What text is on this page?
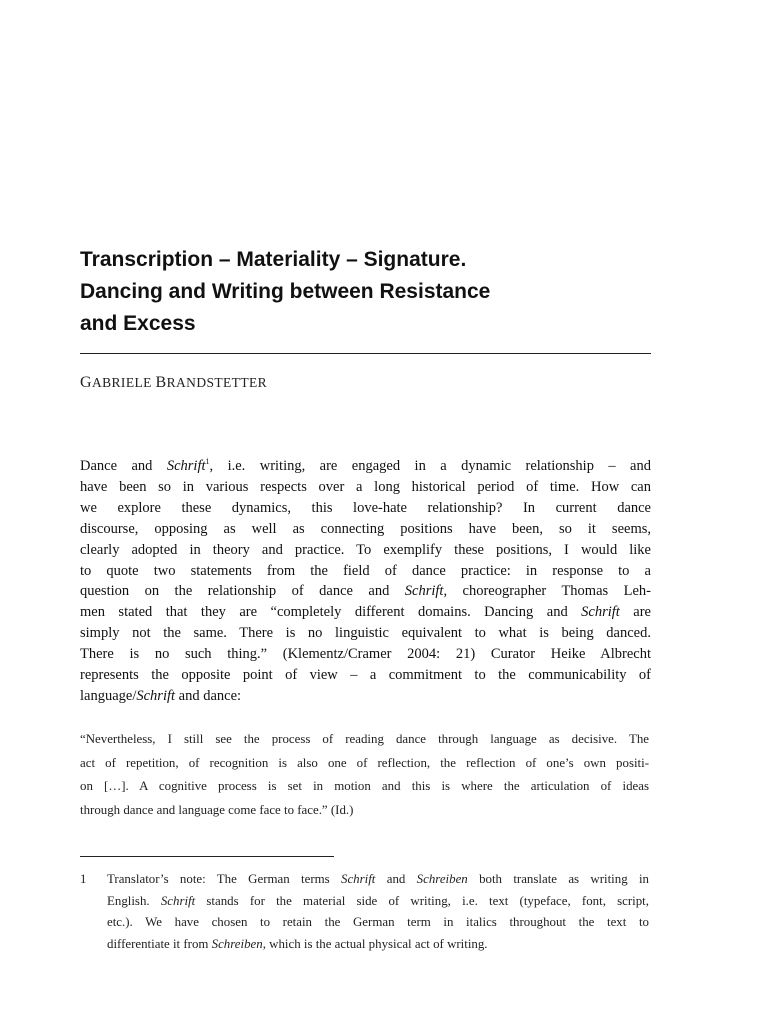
Transcription – Materiality – Signature.
Dancing and Writing between Resistance
and Excess
GABRIELE BRANDSTETTER
Dance and Schrift$^1$, i.e. writing, are engaged in a dynamic relationship – and
have been so in various respects over a long historical period of time. How can
we explore these dynamics, this love-hate relationship? In current dance
discourse, opposing as well as connecting positions have been, so it seems,
clearly adopted in theory and practice. To exemplify these positions, I would like
to quote two statements from the field of dance practice: in response to a
question on the relationship of dance and Schrift, choreographer Thomas Leh-
men stated that they are “completely different domains. Dancing and Schrift are
simply not the same. There is no linguistic equivalent to what is being danced.
There is no such thing.” (Klementz/Cramer 2004: 21) Curator Heike Albrecht
represents the opposite point of view – a commitment to the communicability of
language/Schrift and dance:
“Nevertheless, I still see the process of reading dance through language as decisive. The
act of repetition, of recognition is also one of reflection, the reflection of one’s own positi-
on […]. A cognitive process is set in motion and this is where the articulation of ideas
through dance and language come face to face.” (Id.)
1 Translator’s note: The German terms Schrift and Schreiben both translate as writing in
English. Schrift stands for the material side of writing, i.e. text (typeface, font, script,
etc.). We have chosen to retain the German term in italics throughout the text to
differentiate it from Schreiben, which is the actual physical act of writing.
